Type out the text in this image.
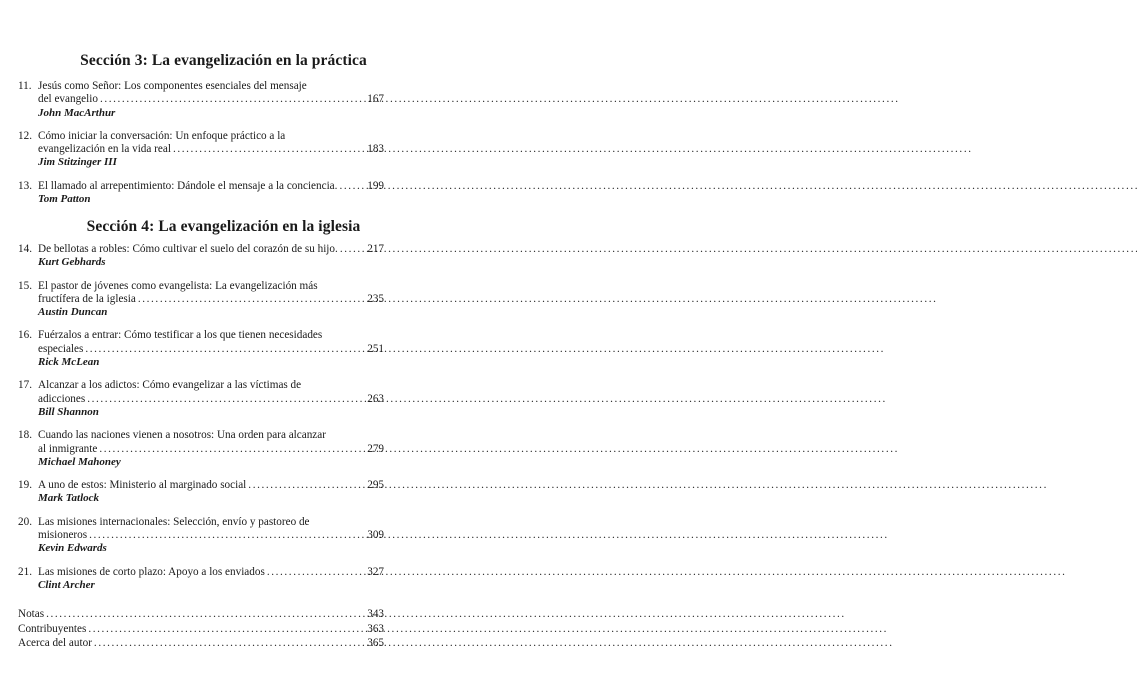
Sección 3: La evangelización en la práctica
11. Jesús como Señor: Los componentes esenciales del mensaje
del evangelio . . .	167
John MacArthur
12. Cómo iniciar la conversación: Un enfoque práctico a la
evangelización en la vida real . . .	183
Jim Stitzinger III
13. El llamado al arrepentimiento: Dándole el mensaje a la conciencia. . . .	199
Tom Patton
Sección 4: La evangelización en la iglesia
14. De bellotas a robles: Cómo cultivar el suelo del corazón de su hijo. . . .	217
Kurt Gebhards
15. El pastor de jóvenes como evangelista: La evangelización más
fructífera de la iglesia . . .	235
Austin Duncan
16. Fuérzalos a entrar: Cómo testificar a los que tienen necesidades
especiales . . .	251
Rick McLean
17. Alcanzar a los adictos: Cómo evangelizar a las víctimas de
adicciones . . .	263
Bill Shannon
18. Cuando las naciones vienen a nosotros: Una orden para alcanzar
al inmigrante . . .	279
Michael Mahoney
19. A uno de estos: Ministerio al marginado social . . .	295
Mark Tatlock
20. Las misiones internacionales: Selección, envío y pastoreo de
misioneros . . .	309
Kevin Edwards
21. Las misiones de corto plazo: Apoyo a los enviados . . .	327
Clint Archer
Notas . . .	343
Contribuyentes . . .	363
Acerca del autor . . .	365
